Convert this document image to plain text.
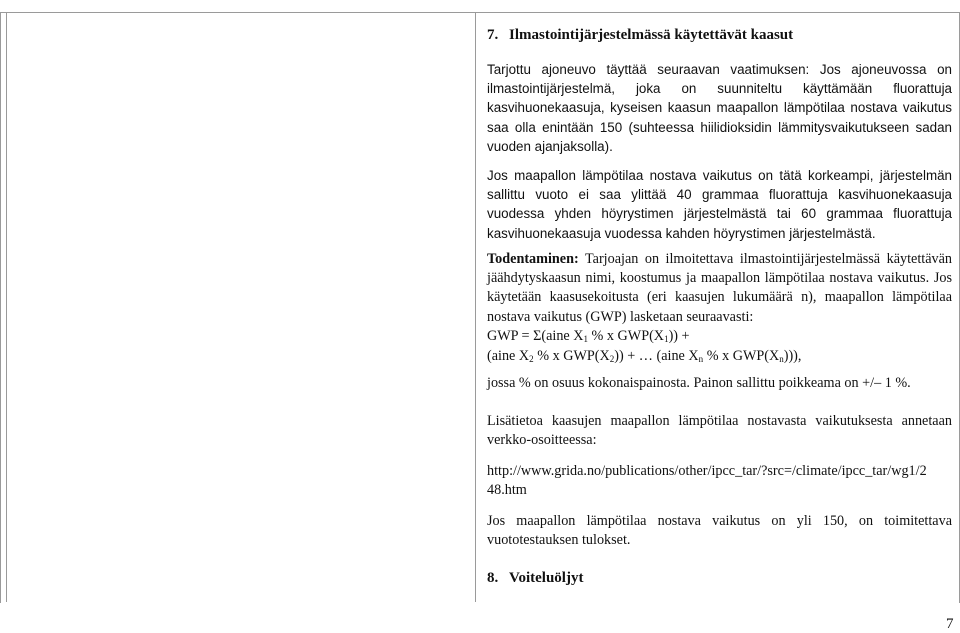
7. Ilmastointijärjestelmässä käytettävät kaasut
Tarjottu ajoneuvo täyttää seuraavan vaatimuksen: Jos ajoneuvossa on ilmastointijärjestelmä, joka on suunniteltu käyttämään fluorattuja kasvihuonekaasuja, kyseisen kaasun maapallon lämpötilaa nostava vaikutus saa olla enintään 150 (suhteessa hiilidioksidin lämmitysvaikutukseen sadan vuoden ajanjaksolla).
Jos maapallon lämpötilaa nostava vaikutus on tätä korkeampi, järjestelmän sallittu vuoto ei saa ylittää 40 grammaa fluorattuja kasvihuonekaasuja vuodessa yhden höyrystimen järjestelmästä tai 60 grammaa fluorattuja kasvihuonekaasuja vuodessa kahden höyrystimen järjestelmästä.
Todentaminen: Tarjoajan on ilmoitettava ilmastointijärjestelmässä käytettävän jäähdytyskaasun nimi, koostumus ja maapallon lämpötilaa nostava vaikutus. Jos käytetään kaasusekoitusta (eri kaasujen lukumäärä n), maapallon lämpötilaa nostava vaikutus (GWP) lasketaan seuraavasti:
GWP = Σ(aine $X_1$ % x $GWP(X_1)$) +
(aine $X_2$ % x $GWP(X_2)$) + … (aine $X_n$ % x $GWP(X_n)$)),
jossa % on osuus kokonaispainosta. Painon sallittu poikkeama on +/– 1 %.
Lisätietoa kaasujen maapallon lämpötilaa nostavasta vaikutuksesta annetaan verkko-osoitteessa:
http://www.grida.no/publications/other/ipcc_tar/?src=/climate/ipcc_tar/wg1/2
48.htm
Jos maapallon lämpötilaa nostava vaikutus on yli 150, on toimitettava vuototestauksen tulokset.
8. Voiteluöljyt
7
